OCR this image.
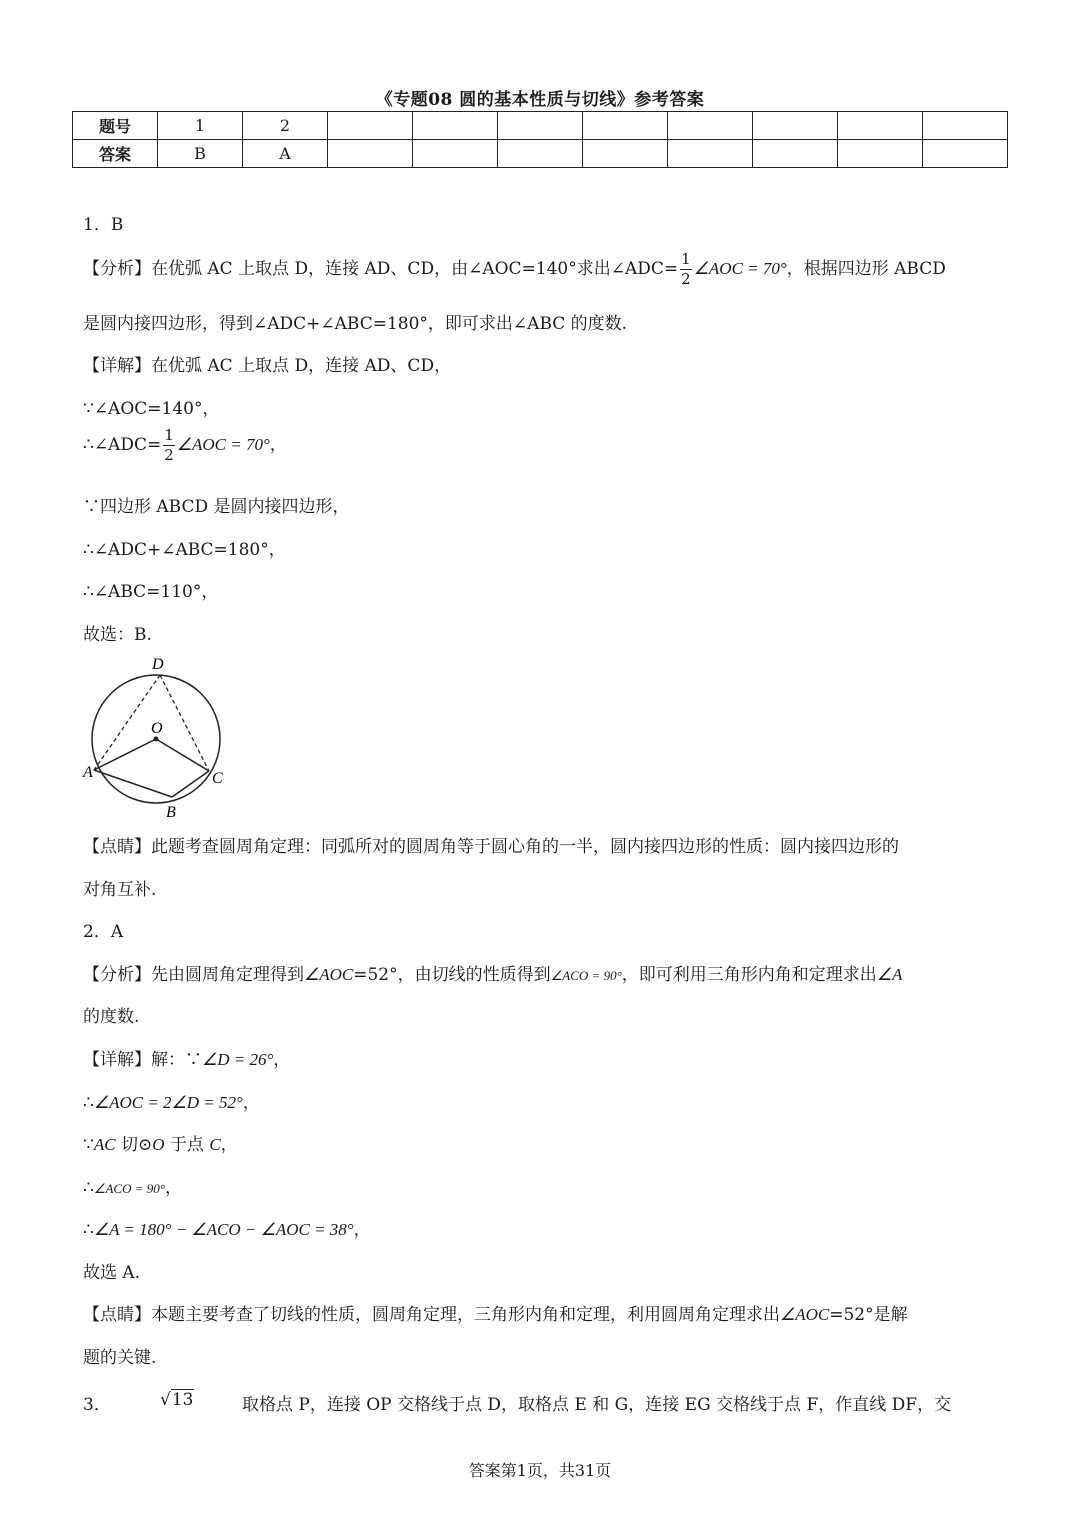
《专题08 圆的基本性质与切线》参考答案
题号	1	2								
答案	B	A								
1．B
【分析】在优弧 AC 上取点 D，连接 AD、CD，由∠AOC=140°求出∠ADC= $\frac{1}{2}$ ∠AOC = 70°，根据四边形 ABCD
是圆内接四边形，得到∠ADC+∠ABC=180°，即可求出∠ABC 的度数.
【详解】在优弧 AC 上取点 D，连接 AD、CD，
∵∠AOC=140°，
∴∠ADC= $\frac{1}{2}$ ∠AOC = 70°，
∵四边形 ABCD 是圆内接四边形，
∴∠ADC+∠ABC=180°，
∴∠ABC=110°，
故选：B.
D
O
A	C
B
【点睛】此题考查圆周角定理：同弧所对的圆周角等于圆心角的一半，圆内接四边形的性质：圆内接四边形的
对角互补.
2．A
【分析】先由圆周角定理得到∠AOC=52°，由切线的性质得到∠ACO = 90°，即可利用三角形内角和定理求出∠A
的度数.
【详解】解：∵∠D = 26°，
∴∠AOC = 2∠D = 52°，
∵AC 切⊙O 于点 C，
∴∠ACO = 90°，
∴∠A = 180° − ∠ACO − ∠AOC = 38°，
故选 A.
【点睛】本题主要考查了切线的性质，圆周角定理，三角形内角和定理，利用圆周角定理求出∠AOC=52°是解
题的关键.
3．	√13	取格点 P，连接 OP 交格线于点 D，取格点 E 和 G，连接 EG 交格线于点 F，作直线 DF，交
答案第1页，共31页
